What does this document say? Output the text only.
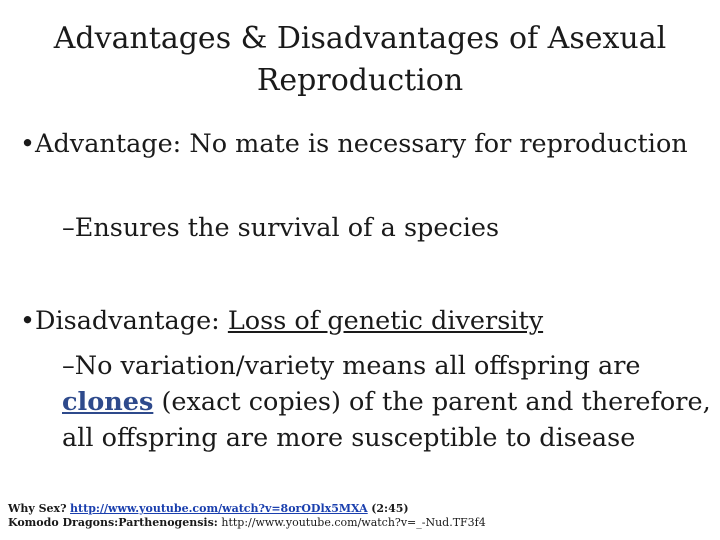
Advantages & Disadvantages of Asexual Reproduction
•Advantage: No mate is necessary for reproduction
–Ensures the survival of a species
•Disadvantage: Loss of genetic diversity
–No variation/variety means all offspring are clones (exact copies) of the parent and therefore, all offspring are more susceptible to disease
Why Sex? http://www.youtube.com/watch?v=8orODlx5MXA (2:45)
Komodo Dragons:Parthenogensis: http://www.youtube.com/watch?v=_-Nud.TF3f4
